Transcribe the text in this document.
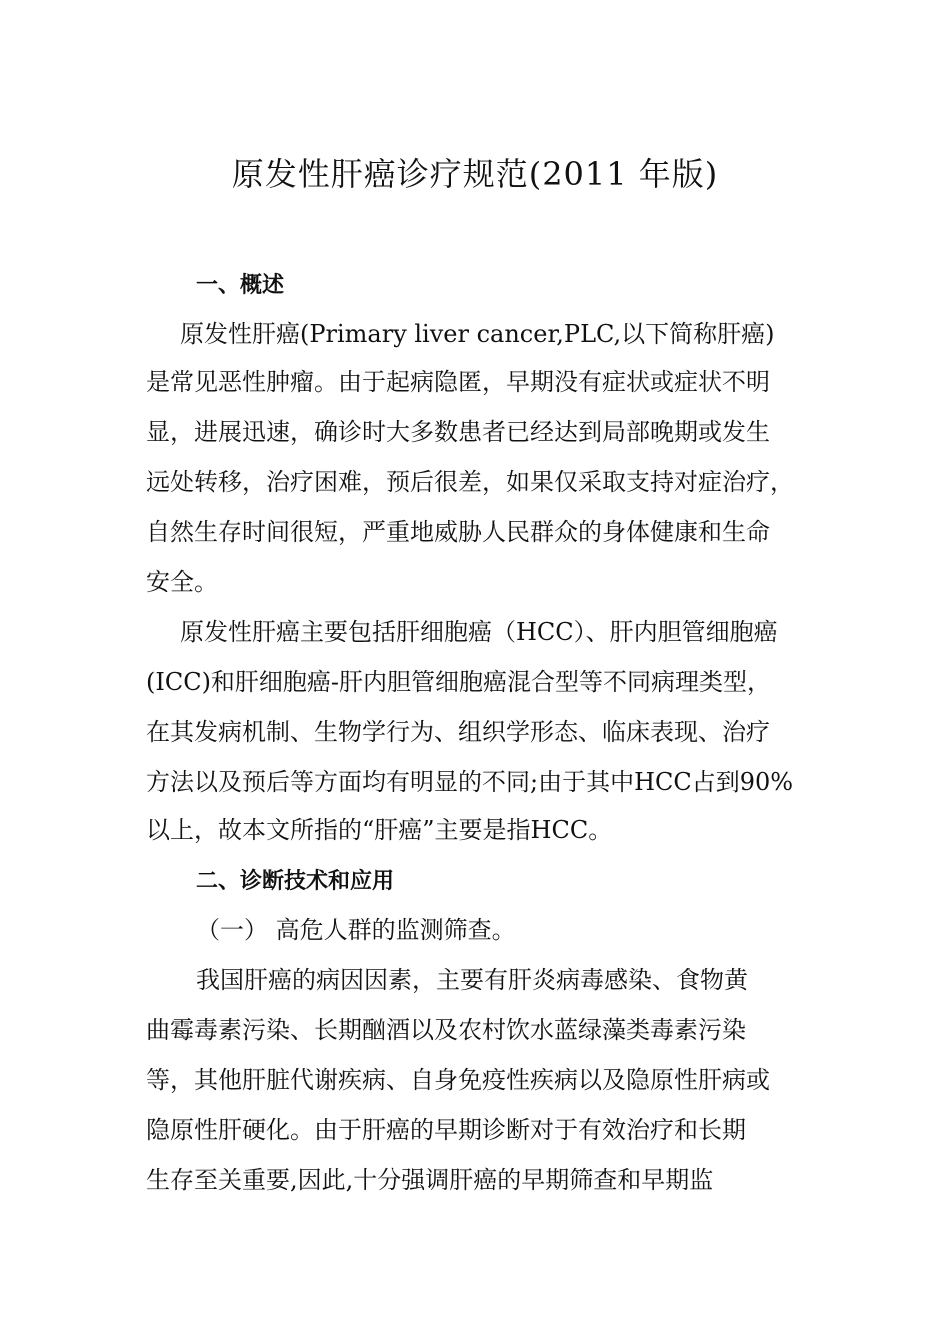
原发性肝癌诊疗规范(2011 年版)
一、概述
原发性肝癌(Primary liver cancer,PLC,以下简称肝癌)
是常见恶性肿瘤。由于起病隐匿，早期没有症状或症状不明
显，进展迅速，确诊时大多数患者已经达到局部晚期或发生
远处转移，治疗困难，预后很差，如果仅采取支持对症治疗，
自然生存时间很短，严重地威胁人民群众的身体健康和生命
安全。
原发性肝癌主要包括肝细胞癌（HCC）、肝内胆管细胞癌
(ICC)和肝细胞癌-肝内胆管细胞癌混合型等不同病理类型，
在其发病机制、生物学行为、组织学形态、临床表现、治疗
方法以及预后等方面均有明显的不同;由于其中HCC占到90%
以上，故本文所指的“肝癌”主要是指HCC。
二、诊断技术和应用
（一） 高危人群的监测筛查。
我国肝癌的病因因素，主要有肝炎病毒感染、食物黄
曲霉毒素污染、长期酗酒以及农村饮水蓝绿藻类毒素污染
等，其他肝脏代谢疾病、自身免疫性疾病以及隐原性肝病或
隐原性肝硬化。由于肝癌的早期诊断对于有效治疗和长期
生存至关重要,因此,十分强调肝癌的早期筛查和早期监
